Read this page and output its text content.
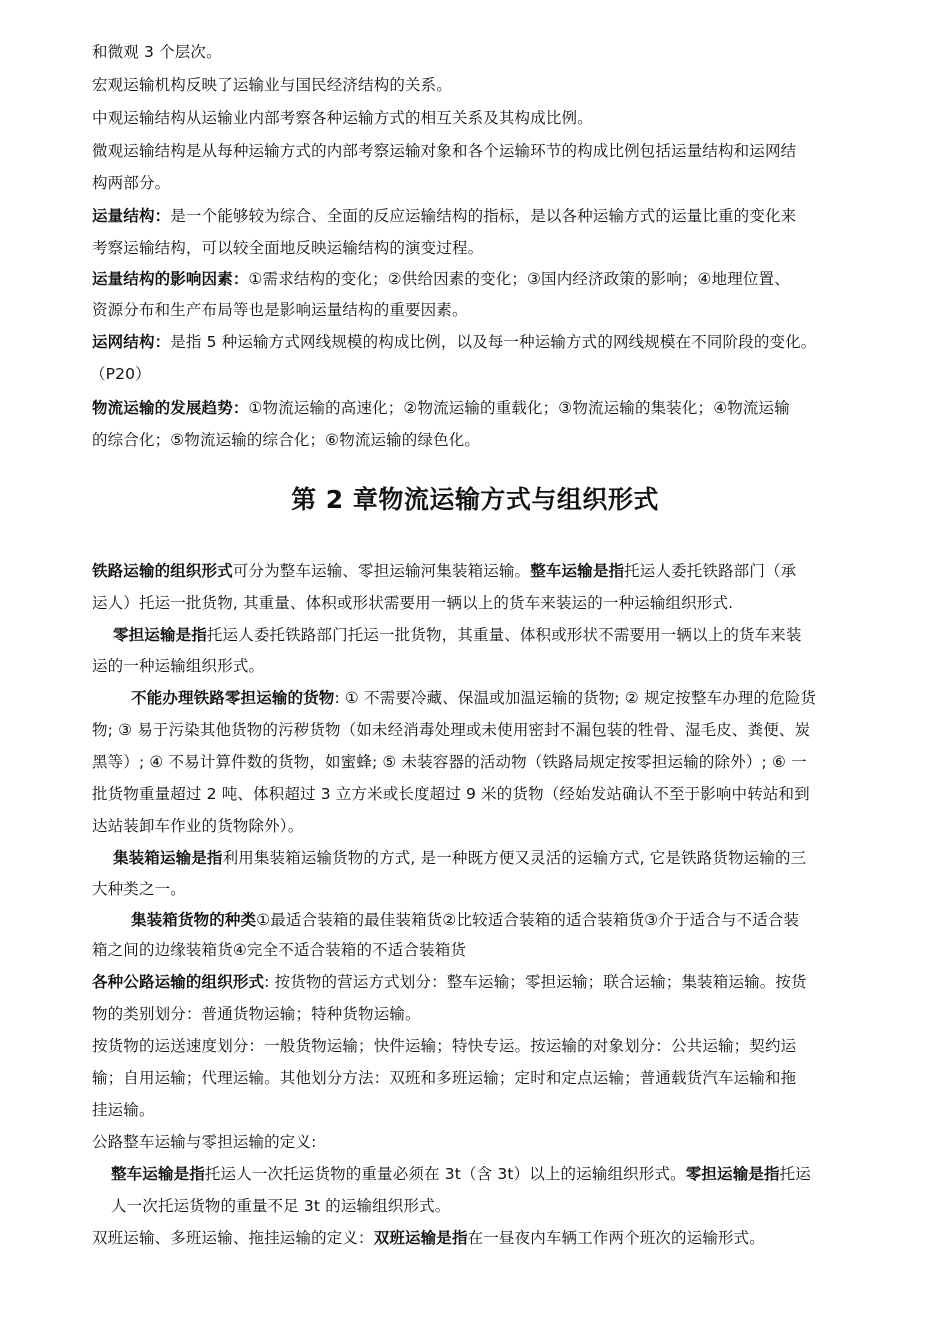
和微观 3 个层次。
宏观运输机构反映了运输业与国民经济结构的关系。
中观运输结构从运输业内部考察各种运输方式的相互关系及其构成比例。
微观运输结构是从每种运输方式的内部考察运输对象和各个运输环节的构成比例包括运量结构和运网结
构两部分。
运量结构：是一个能够较为综合、全面的反应运输结构的指标，是以各种运输方式的运量比重的变化来
考察运输结构，可以较全面地反映运输结构的演变过程。
运量结构的影响因素：①需求结构的变化；②供给因素的变化；③国内经济政策的影响；④地理位置、
资源分布和生产布局等也是影响运量结构的重要因素。
运网结构：是指 5 种运输方式网线规模的构成比例，以及每一种运输方式的网线规模在不同阶段的变化。
（P20）
物流运输的发展趋势：①物流运输的高速化；②物流运输的重载化；③物流运输的集装化；④物流运输
的综合化；⑤物流运输的综合化；⑥物流运输的绿色化。
第 2 章物流运输方式与组织形式
铁路运输的组织形式可分为整车运输、零担运输河集装箱运输。整车运输是指托运人委托铁路部门（承
运人）托运一批货物, 其重量、体积或形状需要用一辆以上的货车来装运的一种运输组织形式.
零担运输是指托运人委托铁路部门托运一批货物，其重量、体积或形状不需要用一辆以上的货车来装
运的一种运输组织形式。
不能办理铁路零担运输的货物: ① 不需要冷藏、保温或加温运输的货物; ② 规定按整车办理的危险货
物; ③ 易于污染其他货物的污秽货物（如未经消毒处理或未使用密封不漏包装的牲骨、湿毛皮、粪便、炭
黑等）; ④ 不易计算件数的货物，如蜜蜂; ⑤ 未装容器的活动物（铁路局规定按零担运输的除外）; ⑥ 一
批货物重量超过 2 吨、体积超过 3 立方米或长度超过 9 米的货物（经始发站确认不至于影响中转站和到
达站装卸车作业的货物除外）。
集装箱运输是指利用集装箱运输货物的方式, 是一种既方便又灵活的运输方式, 它是铁路货物运输的三
大种类之一。
集装箱货物的种类①最适合装箱的最佳装箱货②比较适合装箱的适合装箱货③介于适合与不适合装
箱之间的边缘装箱货④完全不适合装箱的不适合装箱货
各种公路运输的组织形式: 按货物的营运方式划分：整车运输；零担运输；联合运输；集装箱运输。按货
物的类别划分：普通货物运输；特种货物运输。
按货物的运送速度划分：一般货物运输；快件运输；特快专运。按运输的对象划分：公共运输；契约运
输；自用运输；代理运输。其他划分方法：双班和多班运输；定时和定点运输；普通载货汽车运输和拖
挂运输。
公路整车运输与零担运输的定义:
整车运输是指托运人一次托运货物的重量必须在 3t（含 3t）以上的运输组织形式。零担运输是指托运
人一次托运货物的重量不足 3t 的运输组织形式。
双班运输、多班运输、拖挂运输的定义：双班运输是指在一昼夜内车辆工作两个班次的运输形式。
